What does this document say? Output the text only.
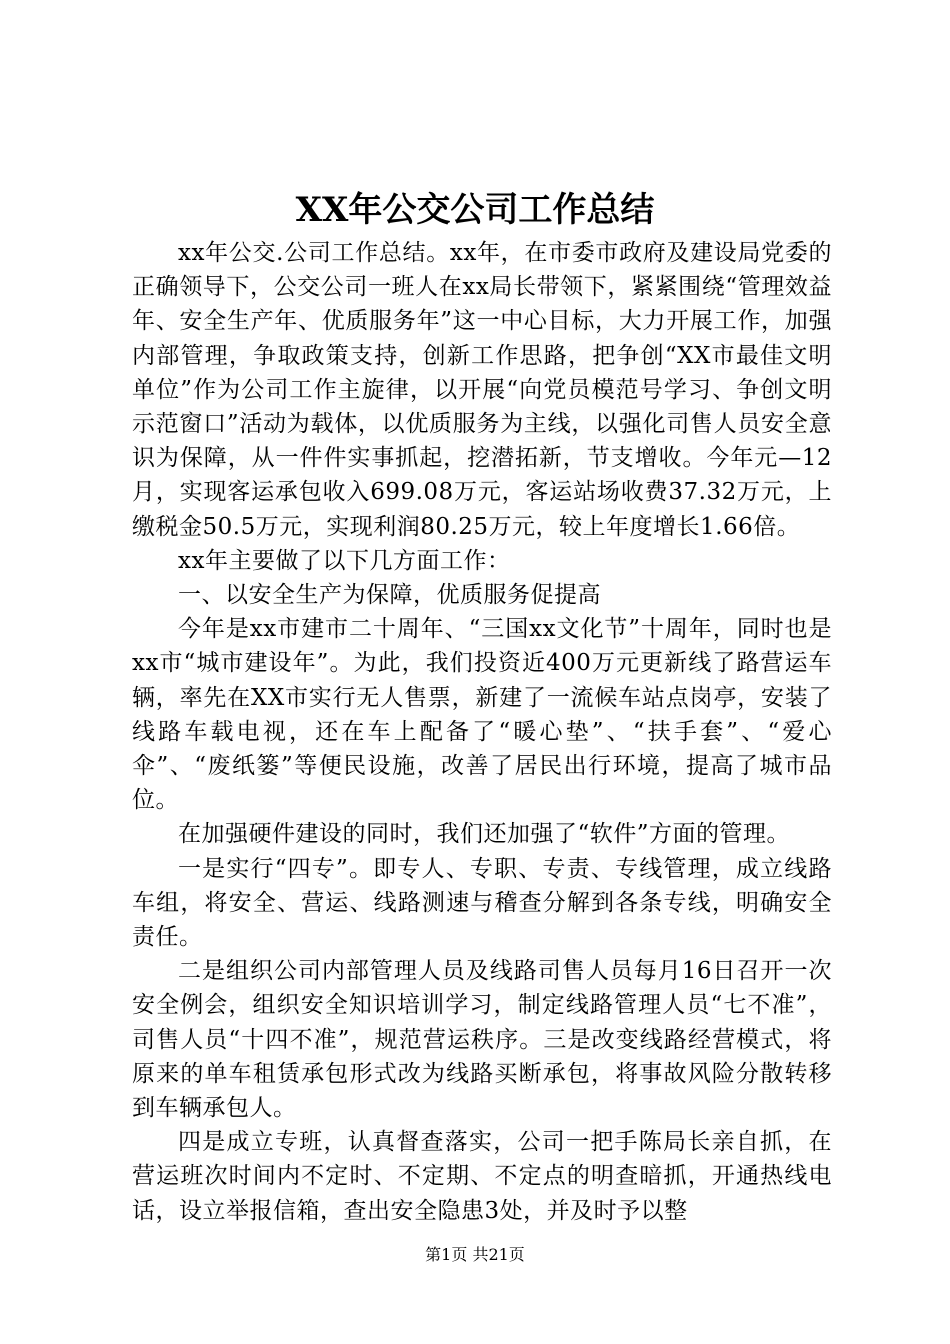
XX年公交公司工作总结

xx年公交.公司工作总结。xx年，在市委市政府及建设局党委的正确领导下，公交公司一班人在xx局长带领下，紧紧围绕“管理效益年、安全生产年、优质服务年”这一中心目标，大力开展工作，加强内部管理，争取政策支持，创新工作思路，把争创“XX市最佳文明单位”作为公司工作主旋律，以开展“向党员模范号学习、争创文明示范窗口”活动为载体，以优质服务为主线，以强化司售人员安全意识为保障，从一件件实事抓起，挖潜拓新，节支增收。今年元—12月，实现客运承包收入699.08万元，客运站场收费37.32万元，上缴税金50.5万元，实现利润80.25万元，较上年度增长1.66倍。

xx年主要做了以下几方面工作：

一、以安全生产为保障，优质服务促提高

今年是xx市建市二十周年、“三国xx文化节”十周年，同时也是xx市“城市建设年”。为此，我们投资近400万元更新线了路营运车辆，率先在XX市实行无人售票，新建了一流候车站点岗亭，安装了线路车载电视，还在车上配备了“暖心垫”、“扶手套”、“爱心伞”、“废纸篓”等便民设施，改善了居民出行环境，提高了城市品位。

在加强硬件建设的同时，我们还加强了“软件”方面的管理。

一是实行“四专”。即专人、专职、专责、专线管理，成立线路车组，将安全、营运、线路测速与稽查分解到各条专线，明确安全责任。

二是组织公司内部管理人员及线路司售人员每月16日召开一次安全例会，组织安全知识培训学习，制定线路管理人员“七不准”，司售人员“十四不准”，规范营运秩序。三是改变线路经营模式，将原来的单车租赁承包形式改为线路买断承包，将事故风险分散转移到车辆承包人。

四是成立专班，认真督查落实，公司一把手陈局长亲自抓，在营运班次时间内不定时、不定期、不定点的明查暗抓，开通热线电话，设立举报信箱，查出安全隐患3处，并及时予以整

第1页 共21页
